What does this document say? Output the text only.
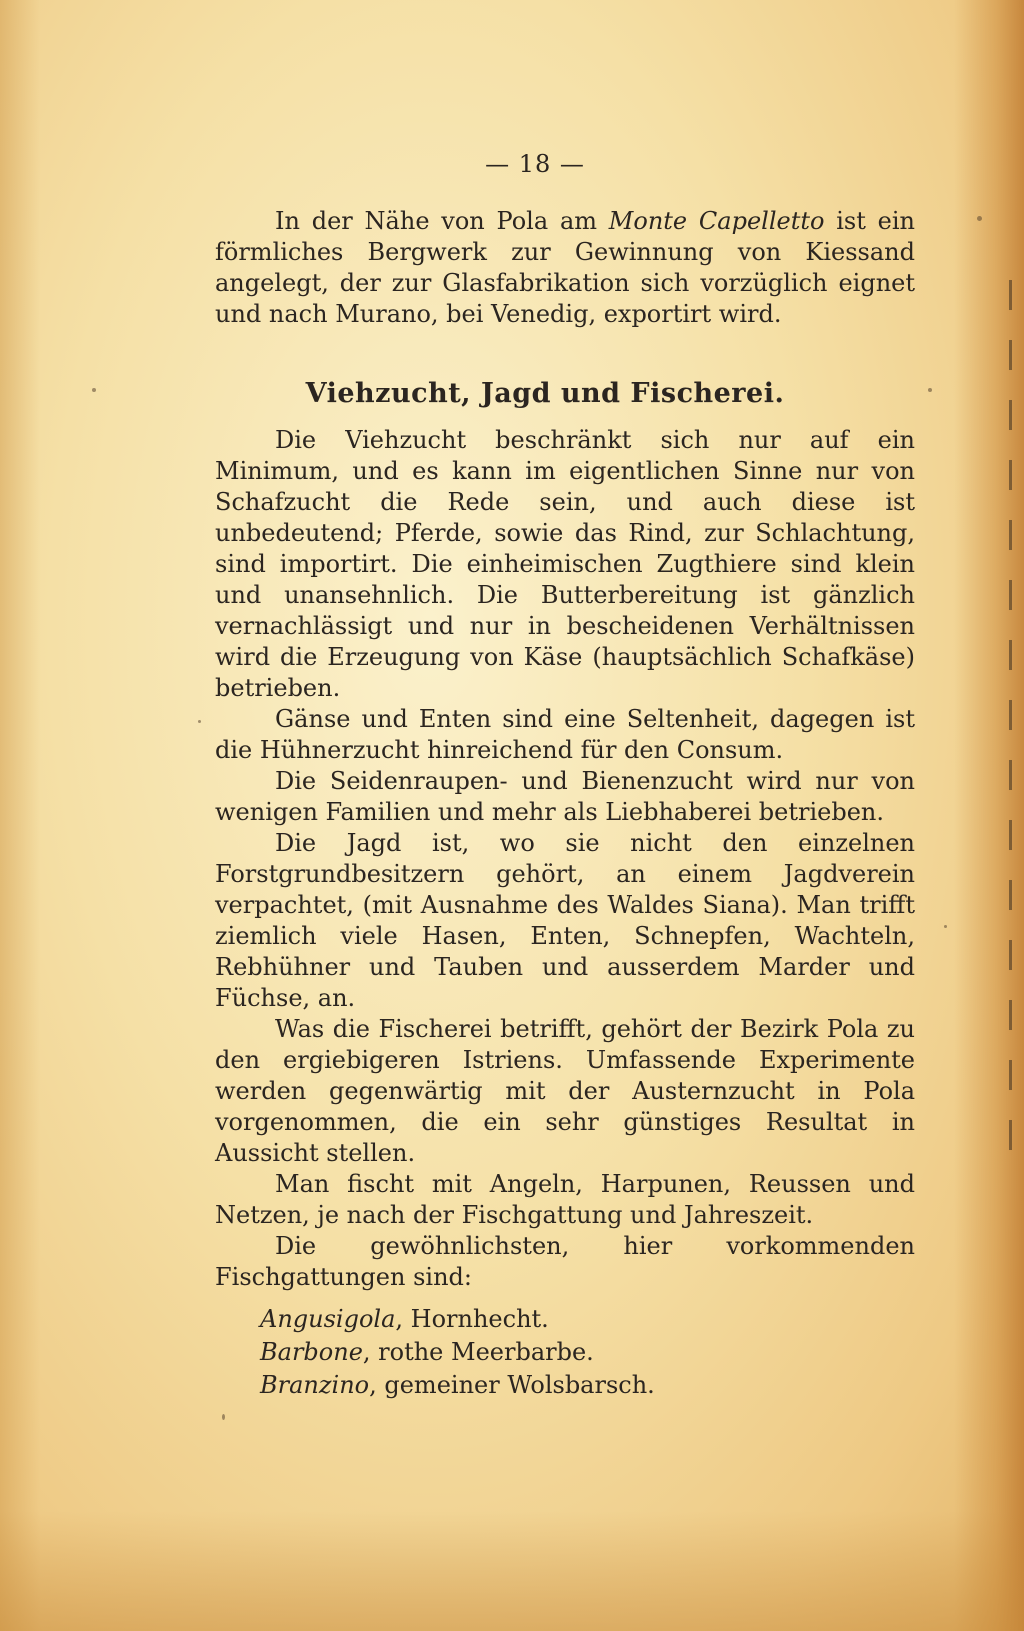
— 18 —

In der Nähe von Pola am Monte Capelletto ist ein förmliches Bergwerk zur Gewinnung von Kiessand angelegt, der zur Glasfabrikation sich vorzüglich eignet und nach Murano, bei Venedig, exportirt wird.

Viehzucht, Jagd und Fischerei.

Die Viehzucht beschränkt sich nur auf ein Minimum, und es kann im eigentlichen Sinne nur von Schafzucht die Rede sein, und auch diese ist unbedeutend; Pferde, sowie das Rind, zur Schlachtung, sind importirt. Die einheimischen Zugthiere sind klein und unansehnlich. Die Butterbereitung ist gänzlich vernachlässigt und nur in bescheidenen Verhältnissen wird die Erzeugung von Käse (hauptsächlich Schafkäse) betrieben.

Gänse und Enten sind eine Seltenheit, dagegen ist die Hühnerzucht hinreichend für den Consum.

Die Seidenraupen- und Bienenzucht wird nur von wenigen Familien und mehr als Liebhaberei betrieben.

Die Jagd ist, wo sie nicht den einzelnen Forstgrundbesitzern gehört, an einem Jagdverein verpachtet, (mit Ausnahme des Waldes Siana). Man trifft ziemlich viele Hasen, Enten, Schnepfen, Wachteln, Rebhühner und Tauben und ausserdem Marder und Füchse, an.

Was die Fischerei betrifft, gehört der Bezirk Pola zu den ergiebigeren Istriens. Umfassende Experimente werden gegenwärtig mit der Austernzucht in Pola vorgenommen, die ein sehr günstiges Resultat in Aussicht stellen.

Man fischt mit Angeln, Harpunen, Reussen und Netzen, je nach der Fischgattung und Jahreszeit.

Die gewöhnlichsten, hier vorkommenden Fischgattungen sind:

Angusigola, Hornhecht.
Barbone, rothe Meerbarbe.
Branzino, gemeiner Wolsbarsch.
